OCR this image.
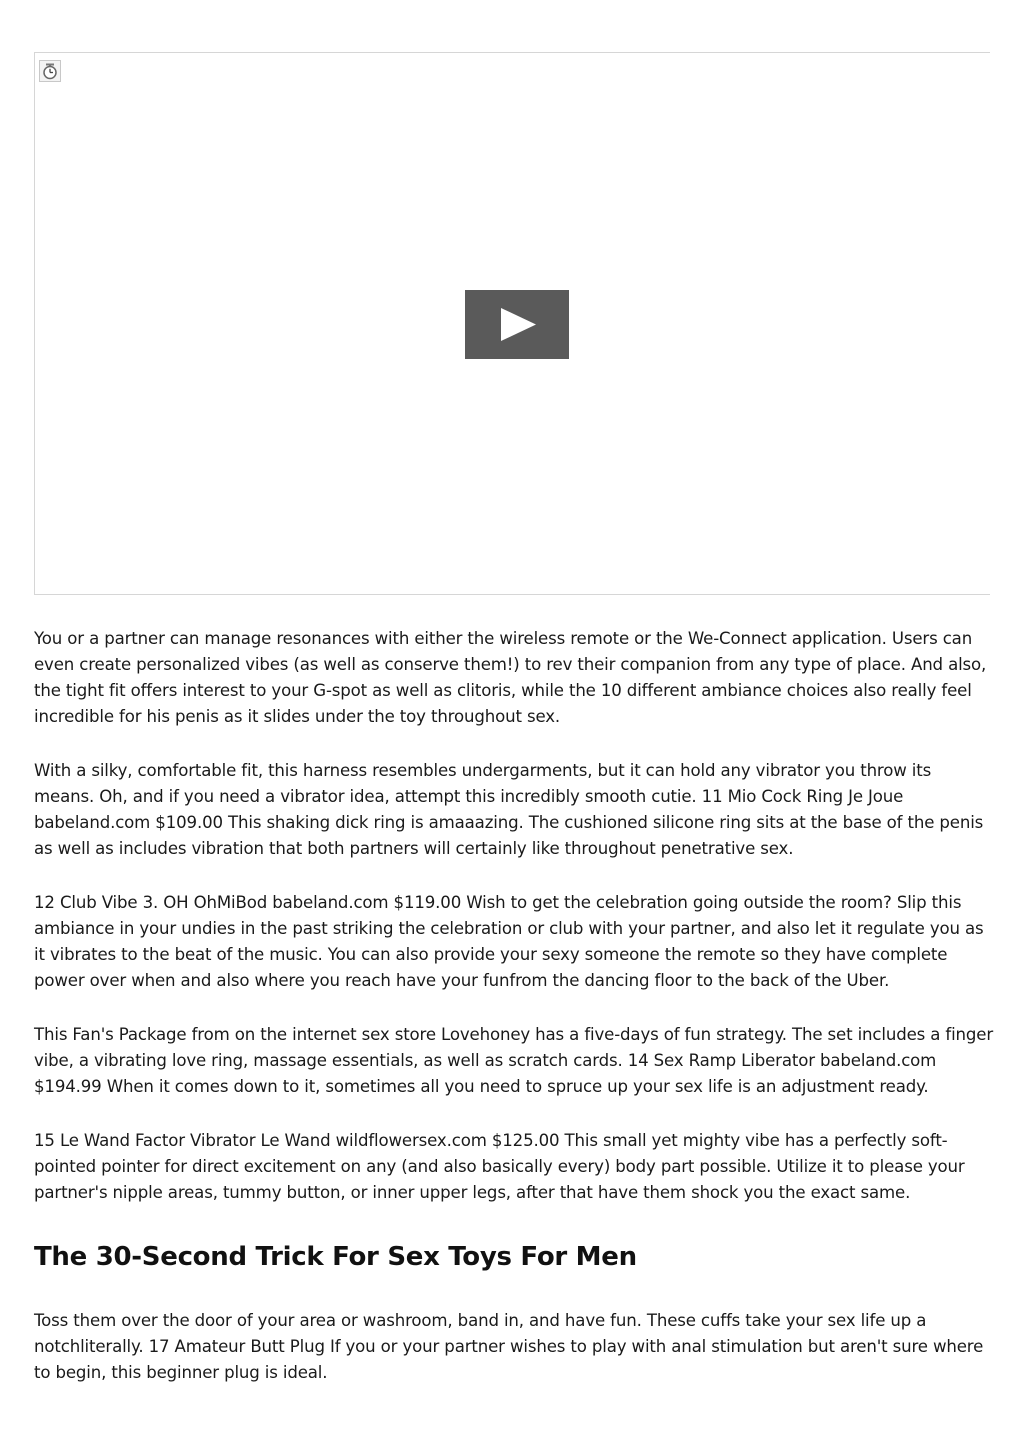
You or a partner can manage resonances with either the wireless remote or the We-Connect application. Users can even create personalized vibes (as well as conserve them!) to rev their companion from any type of place. And also, the tight fit offers interest to your G-spot as well as clitoris, while the 10 different ambiance choices also really feel incredible for his penis as it slides under the toy throughout sex.

With a silky, comfortable fit, this harness resembles undergarments, but it can hold any vibrator you throw its means. Oh, and if you need a vibrator idea, attempt this incredibly smooth cutie. 11 Mio Cock Ring Je Joue babeland.com $109.00 This shaking dick ring is amaaazing. The cushioned silicone ring sits at the base of the penis as well as includes vibration that both partners will certainly like throughout penetrative sex.

12 Club Vibe 3. OH OhMiBod babeland.com $119.00 Wish to get the celebration going outside the room? Slip this ambiance in your undies in the past striking the celebration or club with your partner, and also let it regulate you as it vibrates to the beat of the music. You can also provide your sexy someone the remote so they have complete power over when and also where you reach have your funfrom the dancing floor to the back of the Uber.

This Fan's Package from on the internet sex store Lovehoney has a five-days of fun strategy. The set includes a finger vibe, a vibrating love ring, massage essentials, as well as scratch cards. 14 Sex Ramp Liberator babeland.com $194.99 When it comes down to it, sometimes all you need to spruce up your sex life is an adjustment ready.

15 Le Wand Factor Vibrator Le Wand wildflowersex.com $125.00 This small yet mighty vibe has a perfectly soft-pointed pointer for direct excitement on any (and also basically every) body part possible. Utilize it to please your partner's nipple areas, tummy button, or inner upper legs, after that have them shock you the exact same.

The 30-Second Trick For Sex Toys For Men

Toss them over the door of your area or washroom, band in, and have fun. These cuffs take your sex life up a notchliterally. 17 Amateur Butt Plug If you or your partner wishes to play with anal stimulation but aren't sure where to begin, this beginner plug is ideal.
